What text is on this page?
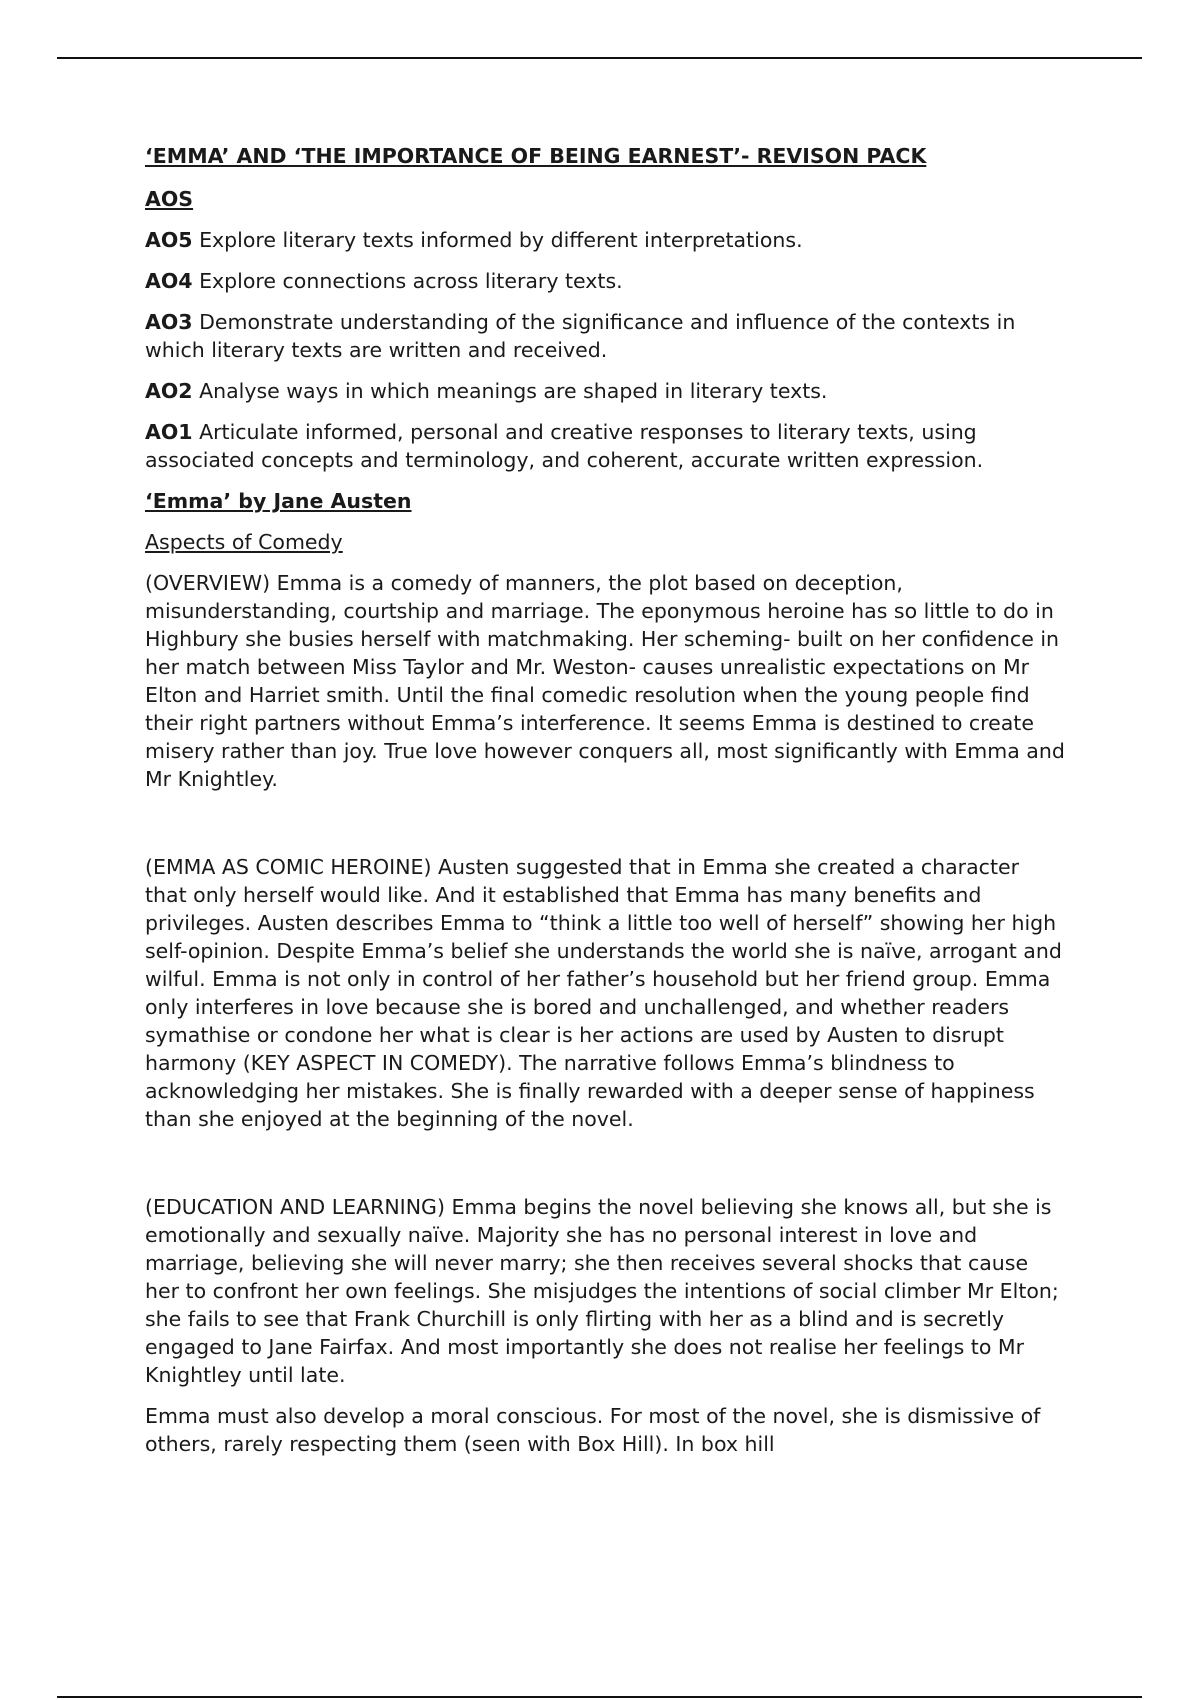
‘EMMA’ AND ‘THE IMPORTANCE OF BEING EARNEST’- REVISON PACK

AOS

AO5 Explore literary texts informed by different interpretations.

AO4 Explore connections across literary texts.

AO3 Demonstrate understanding of the significance and influence of the contexts in which literary texts are written and received.

AO2 Analyse ways in which meanings are shaped in literary texts.

AO1 Articulate informed, personal and creative responses to literary texts, using associated concepts and terminology, and coherent, accurate written expression.

‘Emma’ by Jane Austen

Aspects of Comedy

(OVERVIEW) Emma is a comedy of manners, the plot based on deception, misunderstanding, courtship and marriage. The eponymous heroine has so little to do in Highbury she busies herself with matchmaking. Her scheming- built on her confidence in her match between Miss Taylor and Mr. Weston- causes unrealistic expectations on Mr Elton and Harriet smith. Until the final comedic resolution when the young people find their right partners without Emma’s interference. It seems Emma is destined to create misery rather than joy. True love however conquers all, most significantly with Emma and Mr Knightley.

(EMMA AS COMIC HEROINE) Austen suggested that in Emma she created a character that only herself would like. And it established that Emma has many benefits and privileges. Austen describes Emma to “think a little too well of herself” showing her high self-opinion. Despite Emma’s belief she understands the world she is naïve, arrogant and wilful. Emma is not only in control of her father’s household but her friend group. Emma only interferes in love because she is bored and unchallenged, and whether readers symathise or condone her what is clear is her actions are used by Austen to disrupt harmony (KEY ASPECT IN COMEDY). The narrative follows Emma’s blindness to acknowledging her mistakes. She is finally rewarded with a deeper sense of happiness than she enjoyed at the beginning of the novel.

(EDUCATION AND LEARNING) Emma begins the novel believing she knows all, but she is emotionally and sexually naïve. Majority she has no personal interest in love and marriage, believing she will never marry; she then receives several shocks that cause her to confront her own feelings. She misjudges the intentions of social climber Mr Elton; she fails to see that Frank Churchill is only flirting with her as a blind and is secretly engaged to Jane Fairfax. And most importantly she does not realise her feelings to Mr Knightley until late.

Emma must also develop a moral conscious. For most of the novel, she is dismissive of others, rarely respecting them (seen with Box Hill). In box hill
